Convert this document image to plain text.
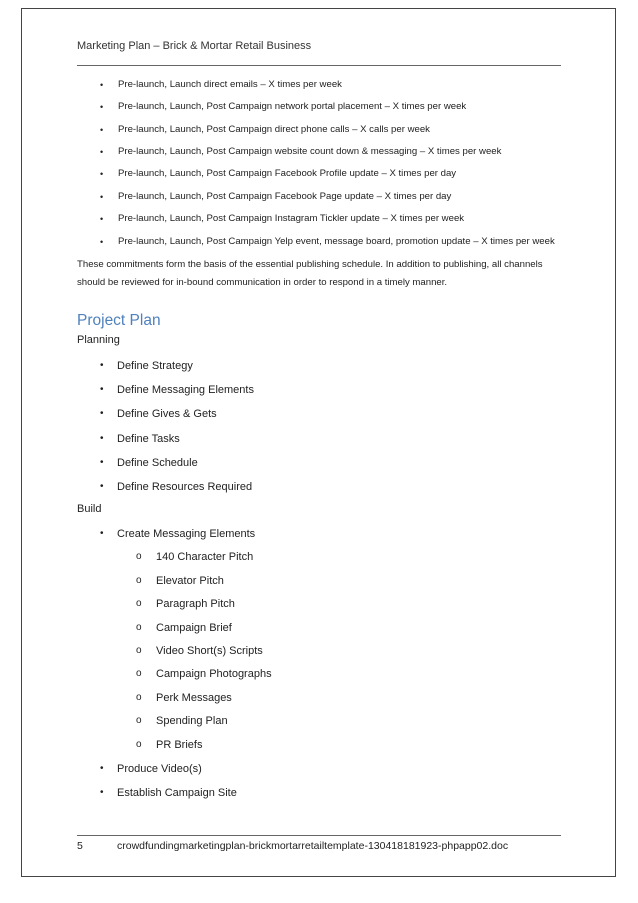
Marketing Plan – Brick & Mortar Retail Business
• Pre-launch, Launch direct emails – X times per week
• Pre-launch, Launch, Post Campaign network portal placement – X times per week
• Pre-launch, Launch, Post Campaign direct phone calls – X calls per week
• Pre-launch, Launch, Post Campaign website count down & messaging – X times per week
• Pre-launch, Launch, Post Campaign Facebook Profile update – X times per day
• Pre-launch, Launch, Post Campaign Facebook Page update – X times per day
• Pre-launch, Launch, Post Campaign Instagram Tickler update – X times per week
• Pre-launch, Launch, Post Campaign Yelp event, message board, promotion update – X times per week
These commitments form the basis of the essential publishing schedule. In addition to publishing, all channels should be reviewed for in-bound communication in order to respond in a timely manner.
Project Plan
Planning
• Define Strategy
• Define Messaging Elements
• Define Gives & Gets
• Define Tasks
• Define Schedule
• Define Resources Required
Build
• Create Messaging Elements
o 140 Character Pitch
o Elevator Pitch
o Paragraph Pitch
o Campaign Brief
o Video Short(s) Scripts
o Campaign Photographs
o Perk Messages
o Spending Plan
o PR Briefs
• Produce Video(s)
• Establish Campaign Site
5	crowdfundingmarketingplan-brickmortarretailtemplate-130418181923-phpapp02.doc
